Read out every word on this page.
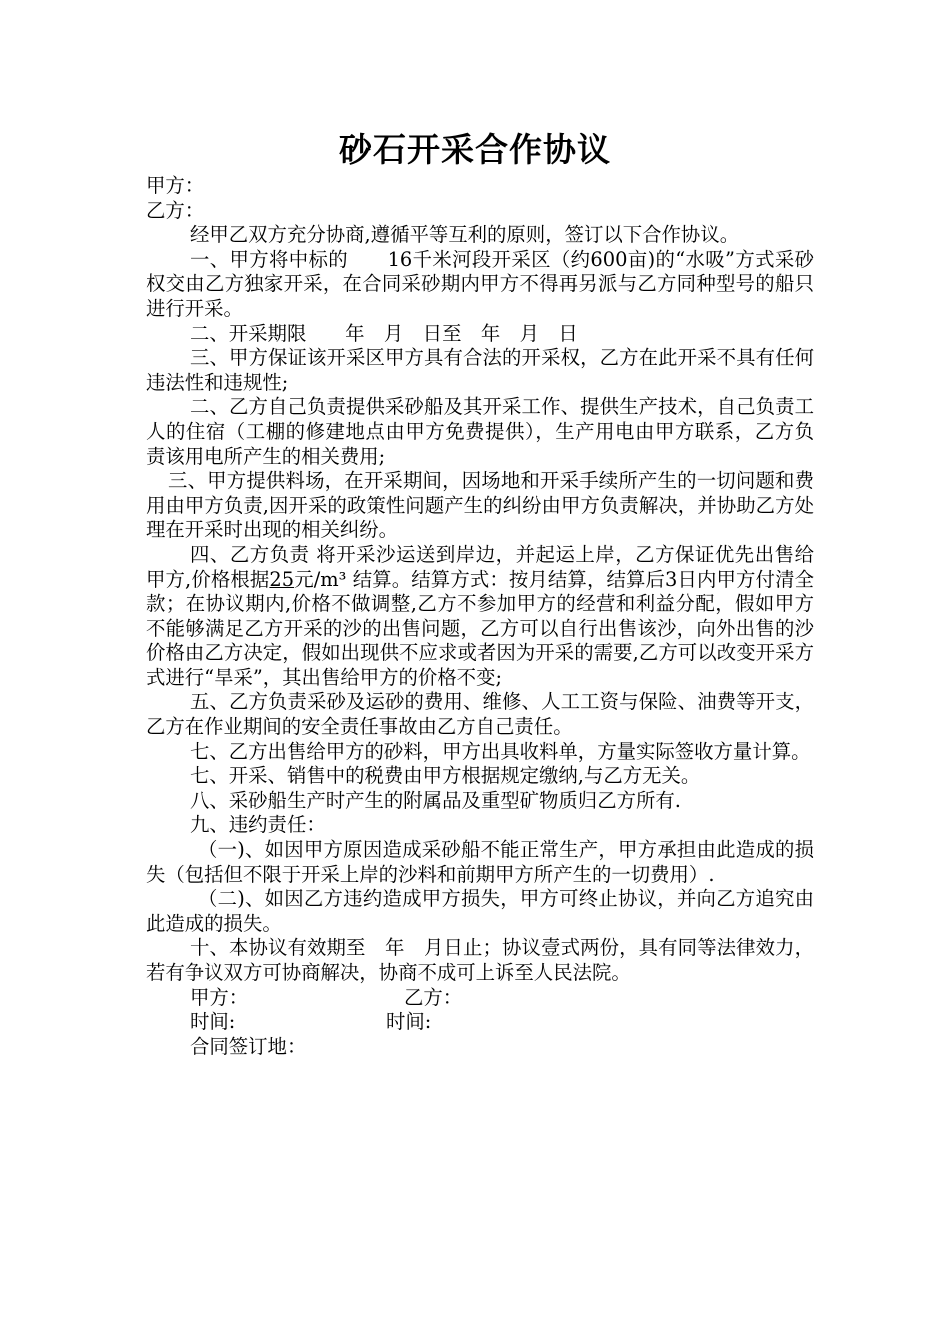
砂石开采合作协议

甲方：

乙方：

经甲乙双方充分协商,遵循平等互利的原则，签订以下合作协议。

一、甲方将中标的　　16千米河段开采区（约600亩)的“水吸”方式采砂权交由乙方独家开采，在合同采砂期内甲方不得再另派与乙方同种型号的船只进行开采。

二、开采期限　　年　月　日至　年　月　日

三、甲方保证该开采区甲方具有合法的开采权，乙方在此开采不具有任何违法性和违规性;

二、乙方自己负责提供采砂船及其开采工作、提供生产技术，自己负责工人的住宿（工棚的修建地点由甲方免费提供），生产用电由甲方联系，乙方负责该用电所产生的相关费用;

三、甲方提供料场，在开采期间，因场地和开采手续所产生的一切问题和费用由甲方负责,因开采的政策性问题产生的纠纷由甲方负责解决，并协助乙方处理在开采时出现的相关纠纷。

四、乙方负责 将开采沙运送到岸边，并起运上岸，乙方保证优先出售给甲方,价格根据25元/m³ 结算。结算方式：按月结算，结算后3日内甲方付清全款；在协议期内,价格不做调整,乙方不参加甲方的经营和利益分配，假如甲方不能够满足乙方开采的沙的出售问题，乙方可以自行出售该沙，向外出售的沙价格由乙方决定，假如出现供不应求或者因为开采的需要,乙方可以改变开采方式进行“旱采”，其出售给甲方的价格不变;

五、乙方负责采砂及运砂的费用、维修、人工工资与保险、油费等开支，乙方在作业期间的安全责任事故由乙方自己责任。

七、乙方出售给甲方的砂料，甲方出具收料单，方量实际签收方量计算。

七、开采、销售中的税费由甲方根据规定缴纳,与乙方无关。

八、采砂船生产时产生的附属品及重型矿物质归乙方所有.

九、违约责任：

（一)、如因甲方原因造成采砂船不能正常生产，甲方承担由此造成的损失（包括但不限于开采上岸的沙料和前期甲方所产生的一切费用）.

（二)、如因乙方违约造成甲方损失，甲方可终止协议，并向乙方追究由此造成的损失。

十、本协议有效期至　年　月日止；协议壹式两份，具有同等法律效力，若有争议双方可协商解决，协商不成可上诉至人民法院。

甲方：	乙方：
时间:	时间:
合同签订地：
